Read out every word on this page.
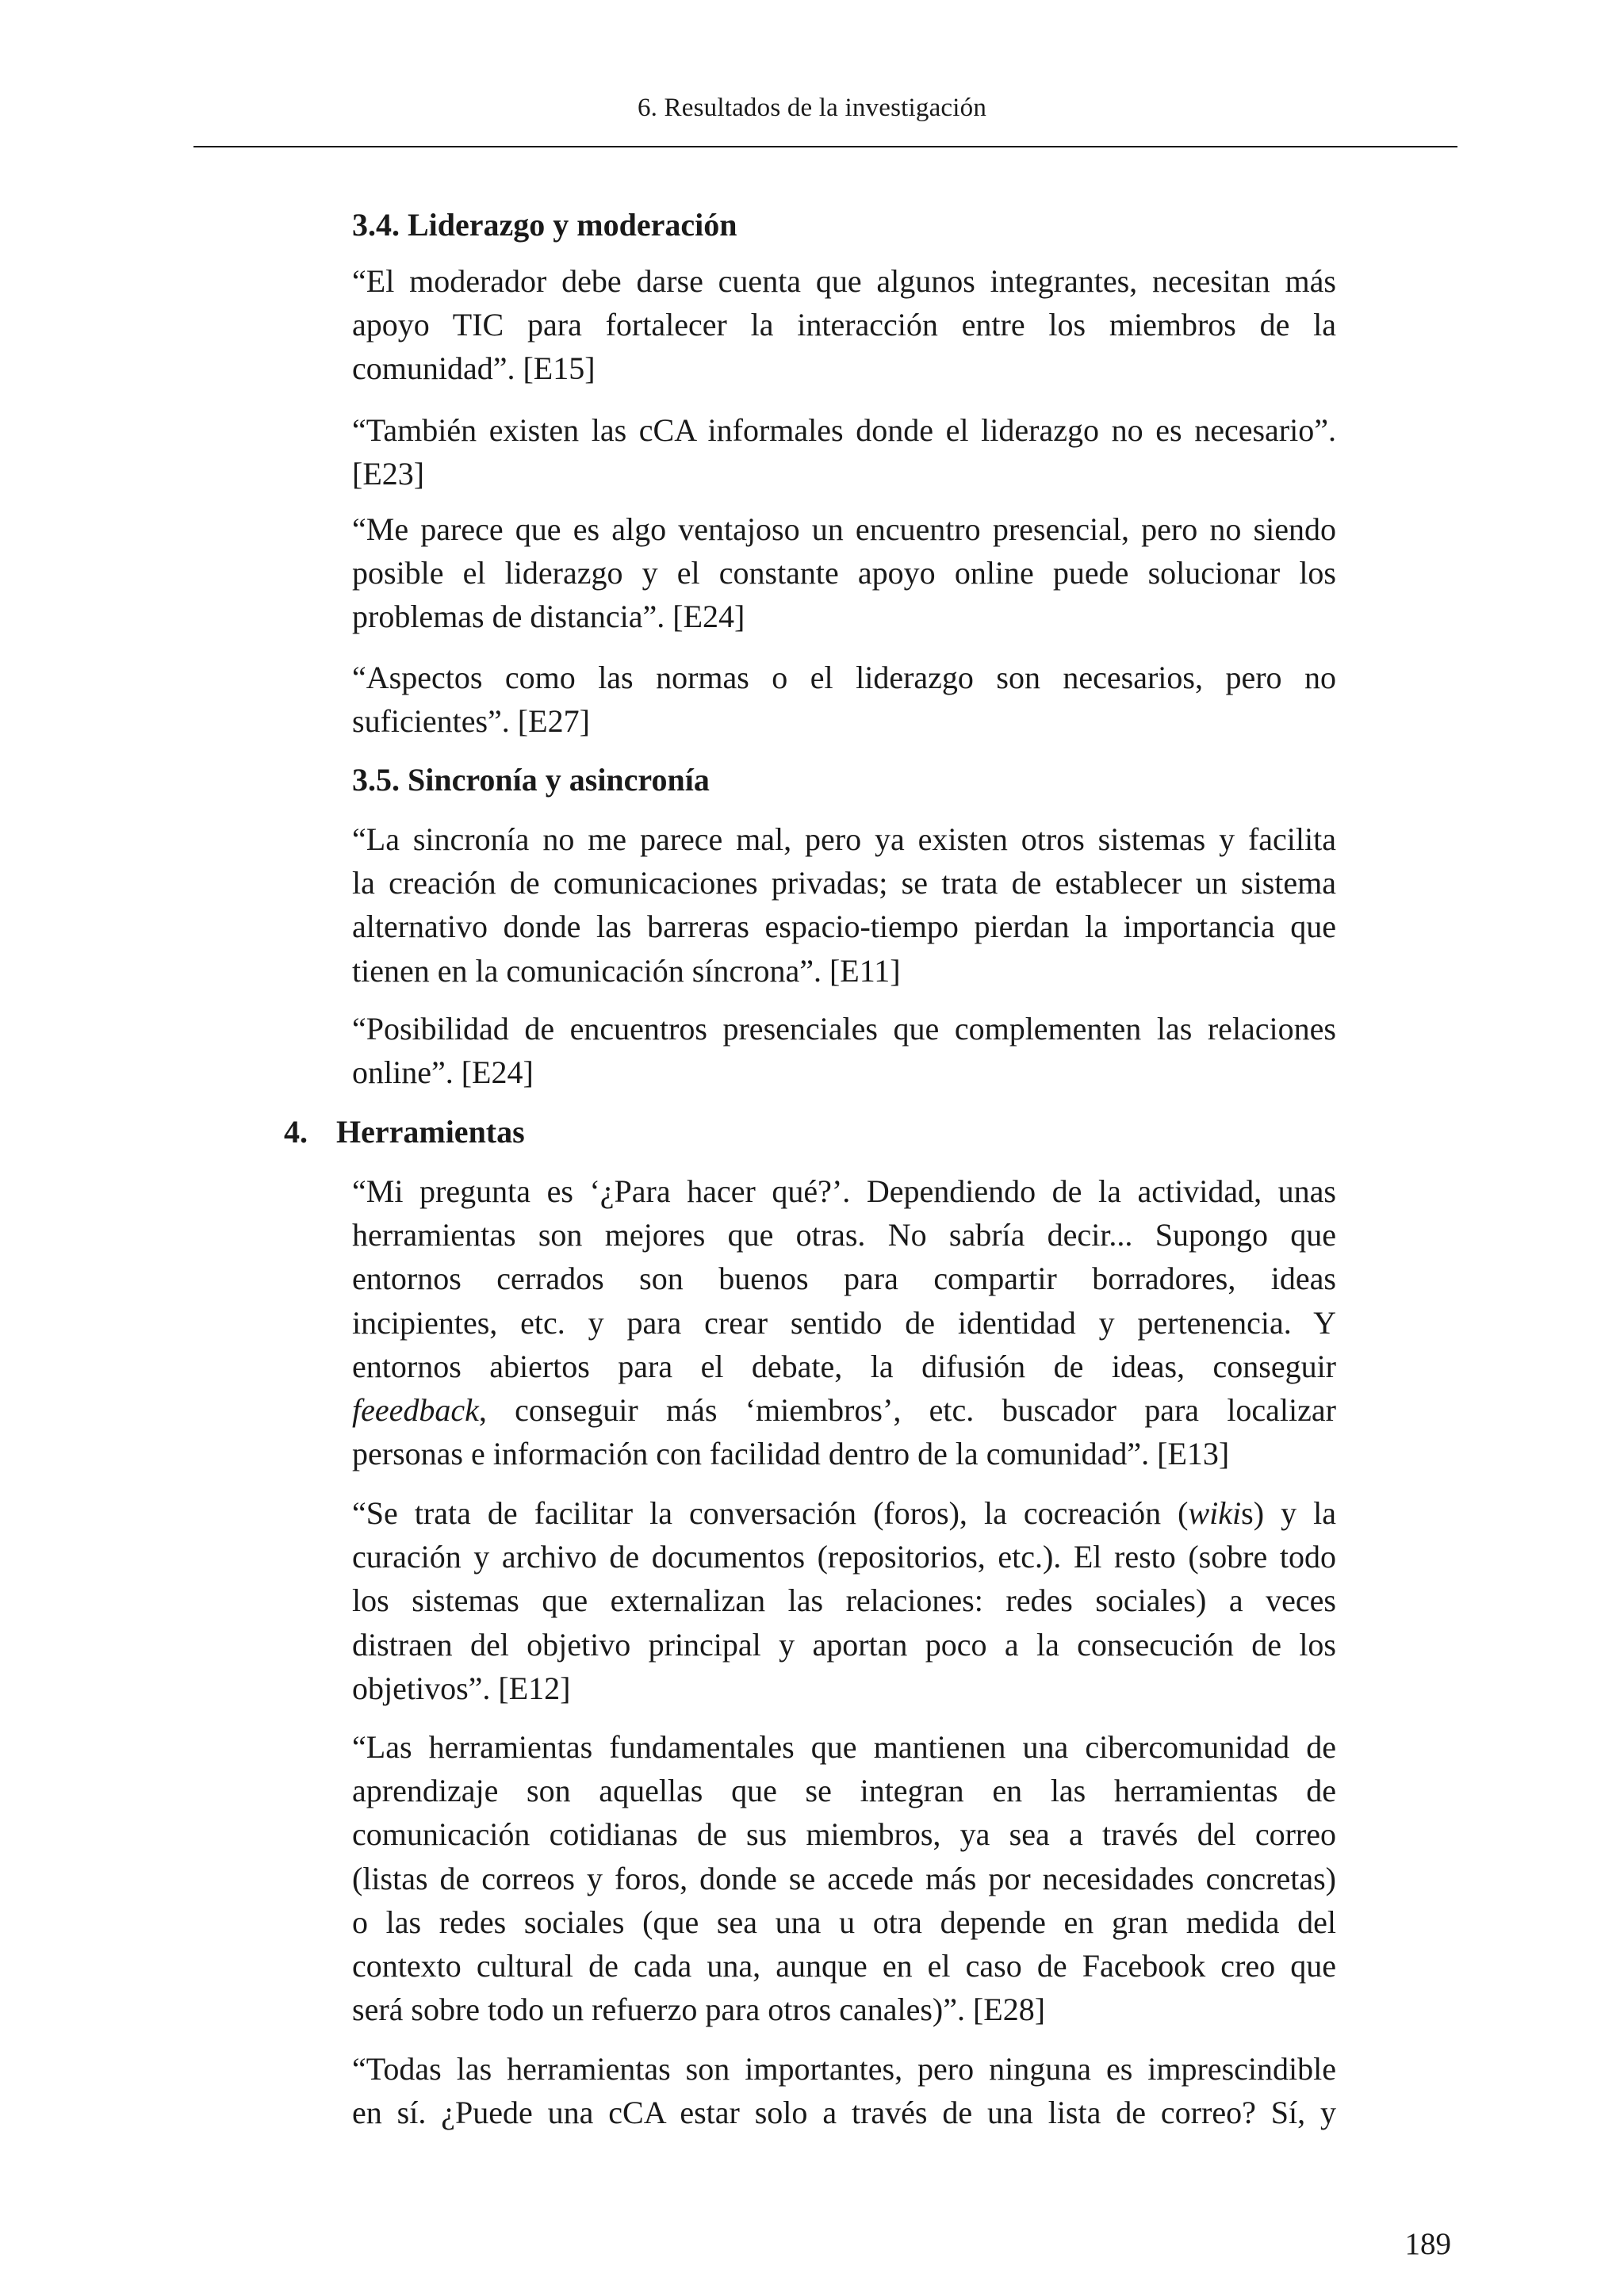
6. Resultados de la investigación
3.4. Liderazgo y moderación
“El moderador debe darse cuenta que algunos integrantes, necesitan más
apoyo TIC para fortalecer la interacción entre los miembros de la
comunidad”. [E15]
“También existen las cCA informales donde el liderazgo no es necesario”.
[E23]
“Me parece que es algo ventajoso un encuentro presencial, pero no siendo
posible el liderazgo y el constante apoyo online puede solucionar los
problemas de distancia”. [E24]
“Aspectos como las normas o el liderazgo son necesarios, pero no
suficientes”. [E27]
3.5. Sincronía y asincronía
“La sincronía no me parece mal, pero ya existen otros sistemas y facilita
la creación de comunicaciones privadas; se trata de establecer un sistema
alternativo donde las barreras espacio-tiempo pierdan la importancia que
tienen en la comunicación síncrona”. [E11]
“Posibilidad de encuentros presenciales que complementen las relaciones
online”. [E24]
4. Herramientas
“Mi pregunta es ‘¿Para hacer qué?’. Dependiendo de la actividad, unas
herramientas son mejores que otras. No sabría decir... Supongo que
entornos cerrados son buenos para compartir borradores, ideas
incipientes, etc. y para crear sentido de identidad y pertenencia. Y
entornos abiertos para el debate, la difusión de ideas, conseguir
feeedback, conseguir más ‘miembros’, etc. buscador para localizar
personas e información con facilidad dentro de la comunidad”. [E13]
“Se trata de facilitar la conversación (foros), la cocreación (wikis) y la
curación y archivo de documentos (repositorios, etc.). El resto (sobre todo
los sistemas que externalizan las relaciones: redes sociales) a veces
distraen del objetivo principal y aportan poco a la consecución de los
objetivos”. [E12]
“Las herramientas fundamentales que mantienen una cibercomunidad de
aprendizaje son aquellas que se integran en las herramientas de
comunicación cotidianas de sus miembros, ya sea a través del correo
(listas de correos y foros, donde se accede más por necesidades concretas)
o las redes sociales (que sea una u otra depende en gran medida del
contexto cultural de cada una, aunque en el caso de Facebook creo que
será sobre todo un refuerzo para otros canales)”. [E28]
“Todas las herramientas son importantes, pero ninguna es imprescindible
en sí. ¿Puede una cCA estar solo a través de una lista de correo? Sí, y
189
